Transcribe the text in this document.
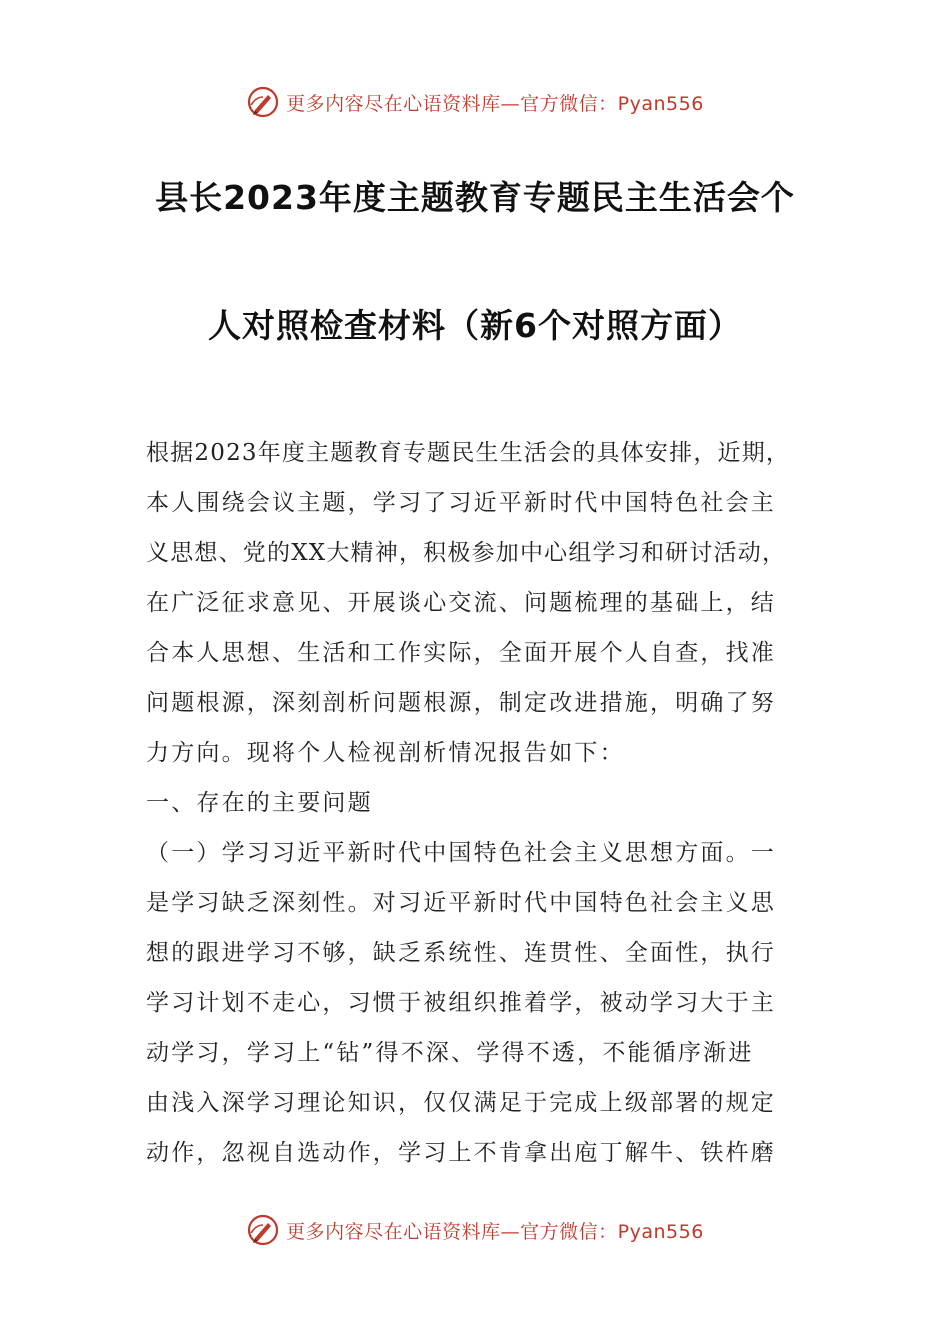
更多内容尽在心语资料库—官方微信：Pyan556
县长2023年度主题教育专题民主生活会个
人对照检查材料（新6个对照方面）
根据2023年度主题教育专题民生生活会的具体安排，近期，
本人围绕会议主题，学习了习近平新时代中国特色社会主
义思想、党的XX大精神，积极参加中心组学习和研讨活动，
在广泛征求意见、开展谈心交流、问题梳理的基础上，结
合本人思想、生活和工作实际，全面开展个人自查，找准
问题根源，深刻剖析问题根源，制定改进措施，明确了努
力方向。现将个人检视剖析情况报告如下：
一、存在的主要问题
（一）学习习近平新时代中国特色社会主义思想方面。一
是学习缺乏深刻性。对习近平新时代中国特色社会主义思
想的跟进学习不够，缺乏系统性、连贯性、全面性，执行
学习计划不走心，习惯于被组织推着学，被动学习大于主
动学习，学习上“钻”得不深、学得不透，不能循序渐进
由浅入深学习理论知识，仅仅满足于完成上级部署的规定
动作，忽视自选动作，学习上不肯拿出庖丁解牛、铁杵磨
更多内容尽在心语资料库—官方微信：Pyan556
